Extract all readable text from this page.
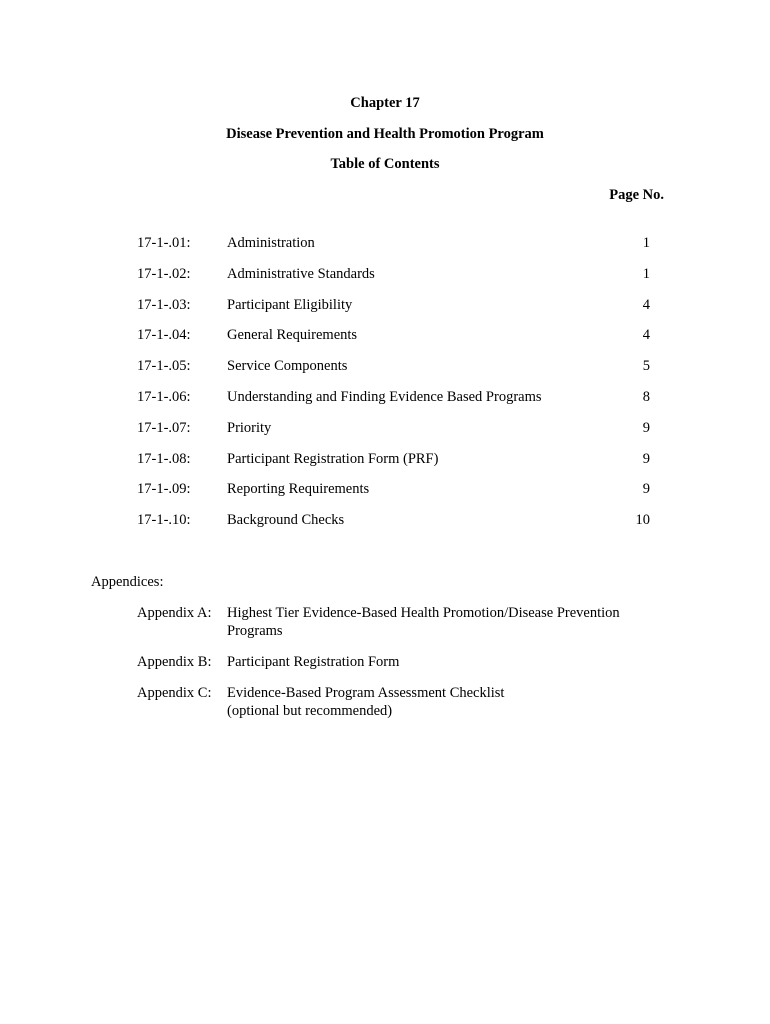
Chapter 17
Disease Prevention and Health Promotion Program
Table of Contents
Page No.
17-1-.01:	Administration	1
17-1-.02:	Administrative Standards	1
17-1-.03:	Participant Eligibility	4
17-1-.04:	General Requirements	4
17-1-.05:	Service Components	5
17-1-.06:	Understanding and Finding Evidence Based Programs	8
17-1-.07:	Priority	9
17-1-.08:	Participant Registration Form (PRF)	9
17-1-.09:	Reporting Requirements	9
17-1-.10:	Background Checks	10
Appendices:
Appendix A: Highest Tier Evidence-Based Health Promotion/Disease Prevention
Programs
Appendix B: Participant Registration Form
Appendix C: Evidence-Based Program Assessment Checklist
(optional but recommended)
